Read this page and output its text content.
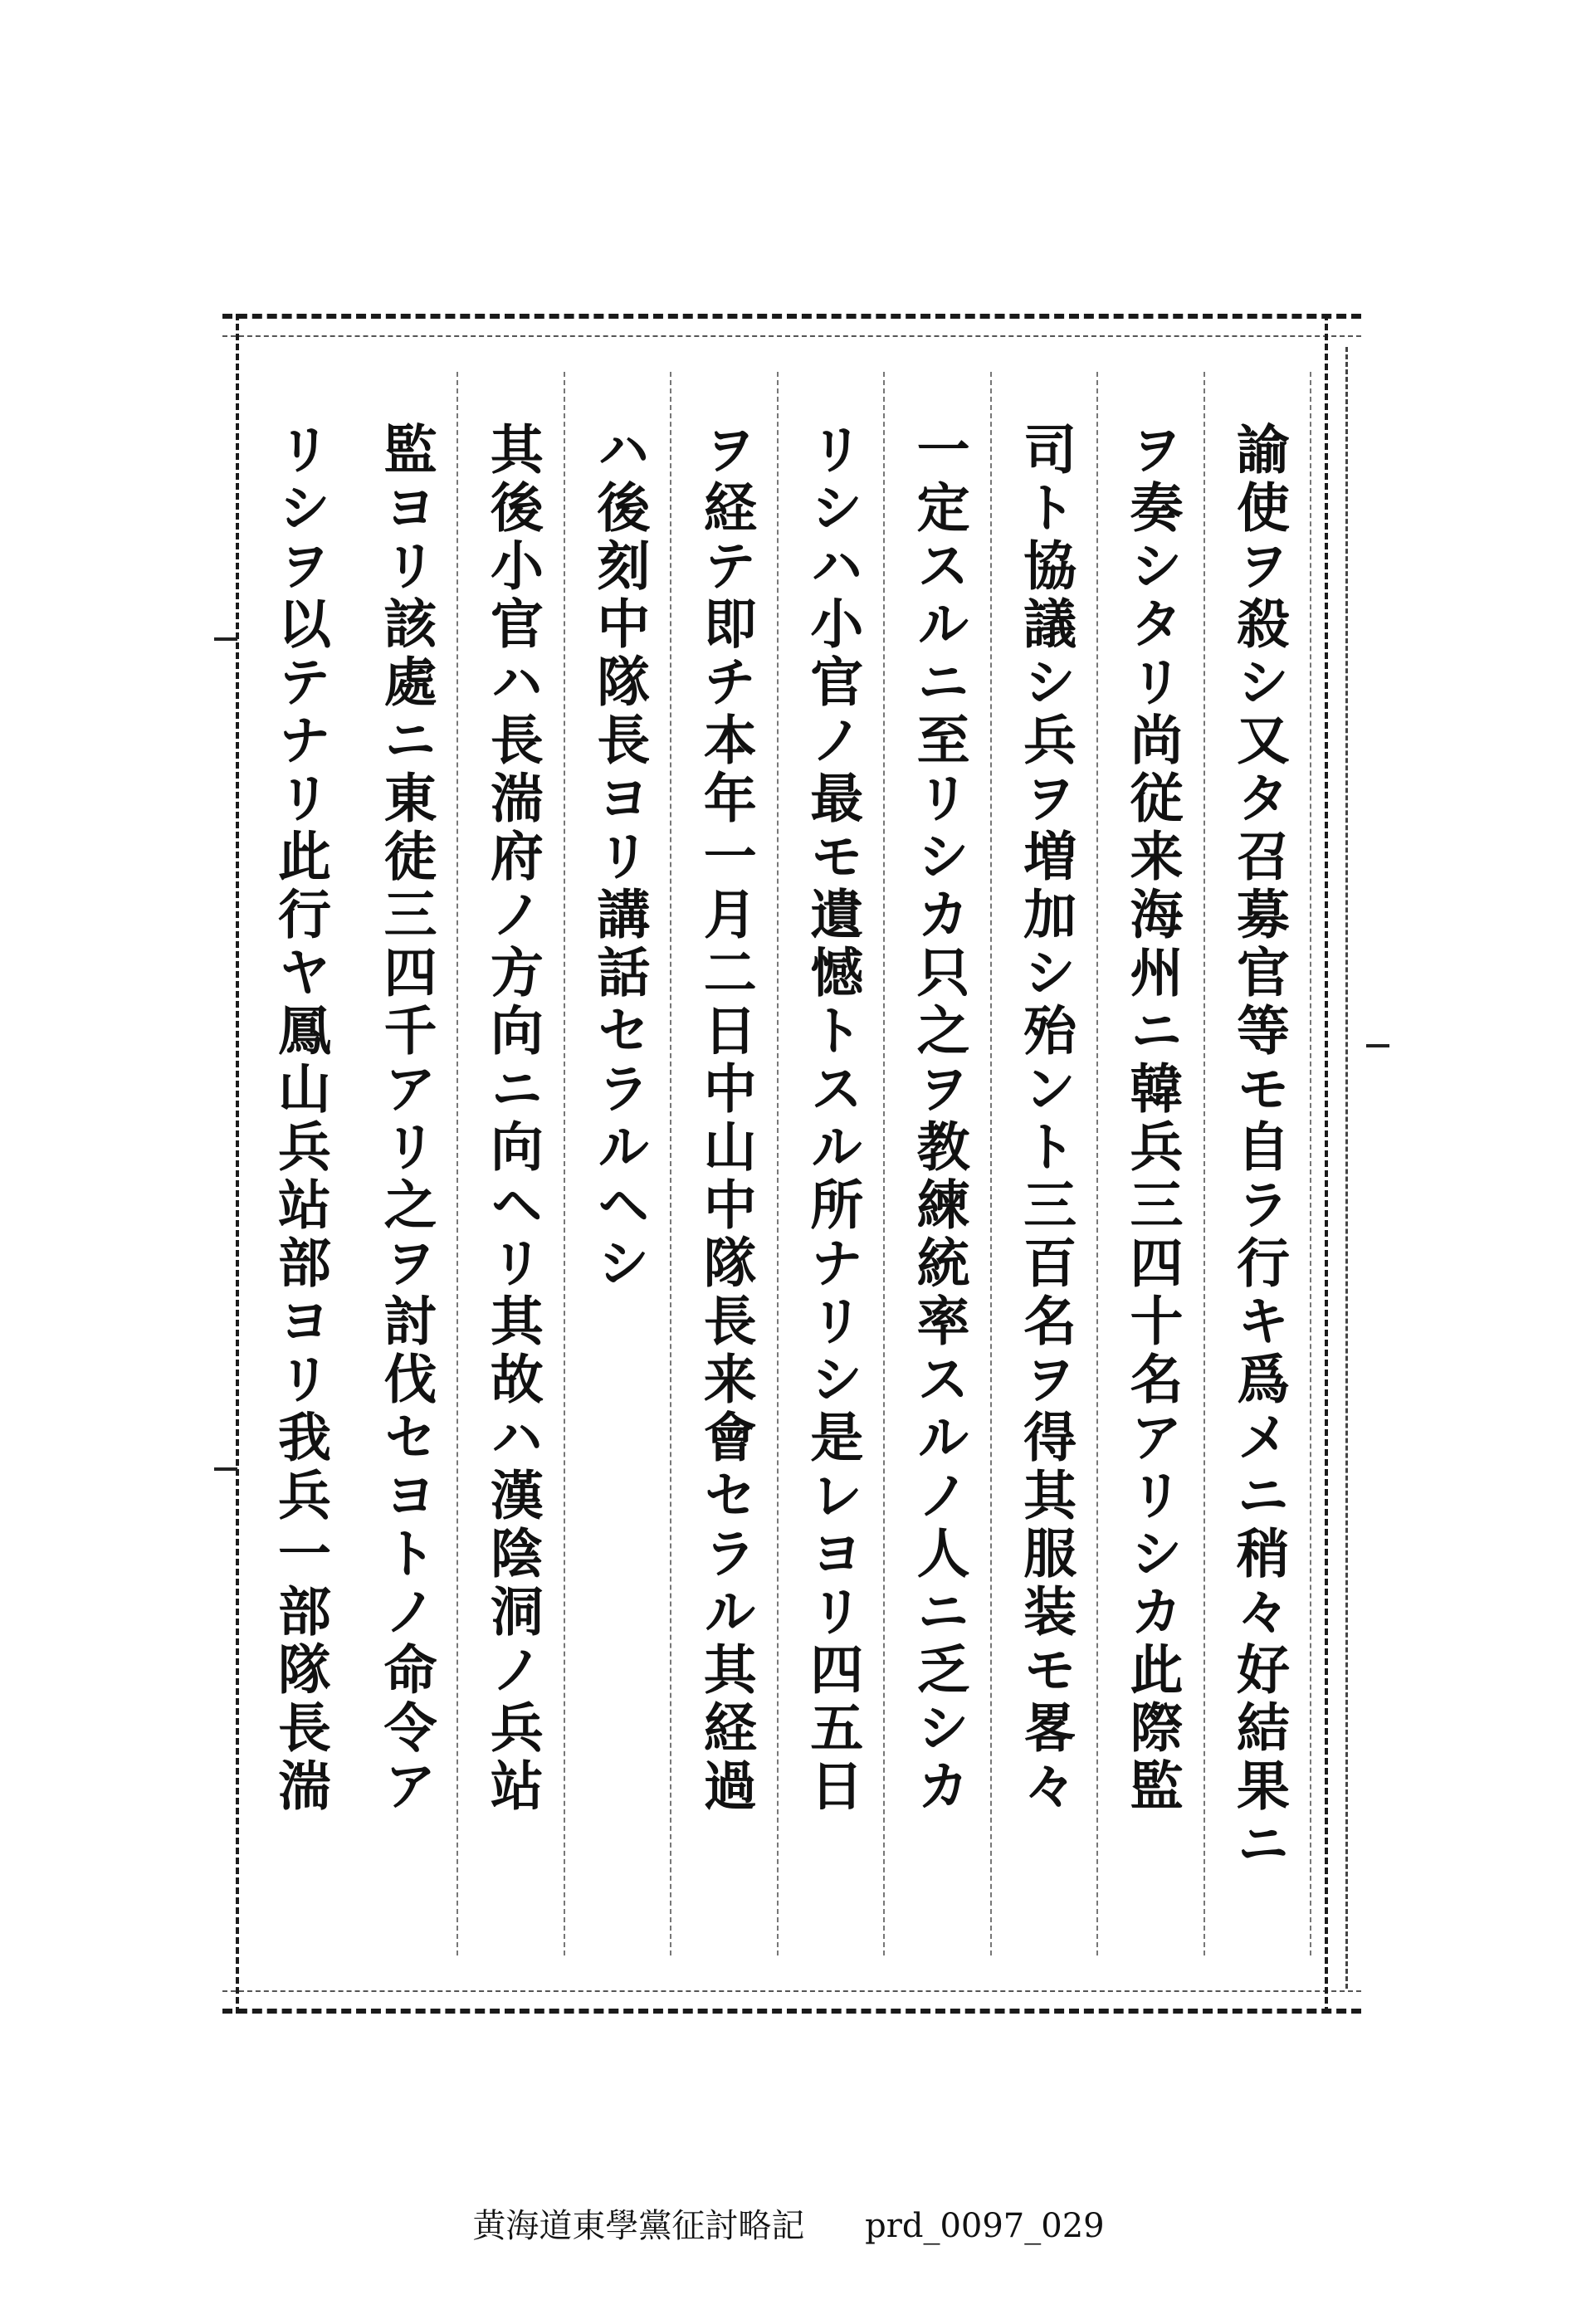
諭使ヲ殺シ又タ召募官等モ自ラ行キ爲メニ稍々好結果ニ
ヲ奏シタリ尚従来海州ニ韓兵三四十名アリシカ此際監
司ト協議シ兵ヲ増加シ殆ント三百名ヲ得其服装モ畧々
一定スルニ至リシカ只之ヲ教練統率スルノ人ニ乏シカ
リシハ小官ノ最モ遺憾トスル所ナリシ是レヨリ四五日
ヲ経テ即チ本年一月二日中山中隊長来會セラル其経過
ハ後刻中隊長ヨリ講話セラルヘシ
其後小官ハ長湍府ノ方向ニ向ヘリ其故ハ漢陰洞ノ兵站
監ヨリ該處ニ東徒三四千アリ之ヲ討伐セヨトノ命令ア
リシヲ以テナリ此行ヤ鳳山兵站部ヨリ我兵一部隊長湍
黄海道東學黨征討略記 prd_0097_029
